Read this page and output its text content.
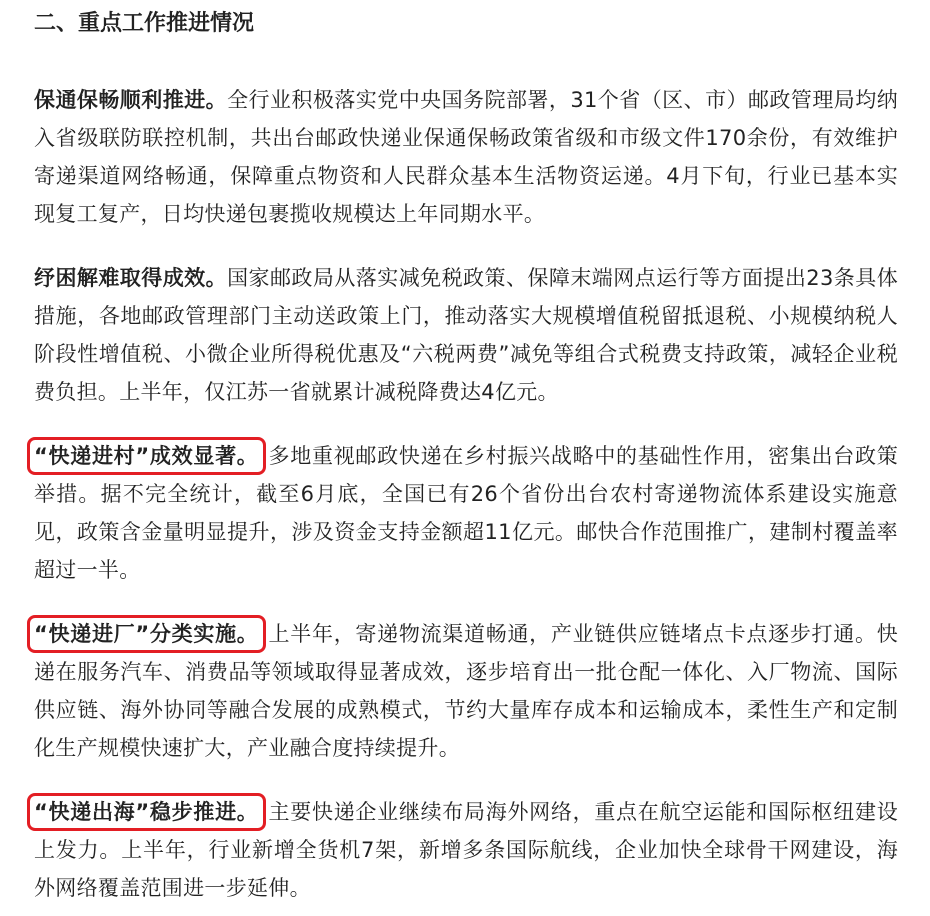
二、重点工作推进情况

保通保畅顺利推进。全行业积极落实党中央国务院部署，31个省（区、市）邮政管理局均纳入省级联防联控机制，共出台邮政快递业保通保畅政策省级和市级文件170余份，有效维护寄递渠道网络畅通，保障重点物资和人民群众基本生活物资运递。4月下旬，行业已基本实现复工复产，日均快递包裹揽收规模达上年同期水平。

纾困解难取得成效。国家邮政局从落实减免税政策、保障末端网点运行等方面提出23条具体措施，各地邮政管理部门主动送政策上门，推动落实大规模增值税留抵退税、小规模纳税人阶段性增值税、小微企业所得税优惠及“六税两费”减免等组合式税费支持政策，减轻企业税费负担。上半年，仅江苏一省就累计减税降费达4亿元。

“快递进村”成效显著。 多地重视邮政快递在乡村振兴战略中的基础性作用，密集出台政策举措。据不完全统计，截至6月底，全国已有26个省份出台农村寄递物流体系建设实施意见，政策含金量明显提升，涉及资金支持金额超11亿元。邮快合作范围推广，建制村覆盖率超过一半。

“快递进厂”分类实施。 上半年，寄递物流渠道畅通，产业链供应链堵点卡点逐步打通。快递在服务汽车、消费品等领域取得显著成效，逐步培育出一批仓配一体化、入厂物流、国际供应链、海外协同等融合发展的成熟模式，节约大量库存成本和运输成本，柔性生产和定制化生产规模快速扩大，产业融合度持续提升。

“快递出海”稳步推进。 主要快递企业继续布局海外网络，重点在航空运能和国际枢纽建设上发力。上半年，行业新增全货机7架，新增多条国际航线，企业加快全球骨干网建设，海外网络覆盖范围进一步延伸。
